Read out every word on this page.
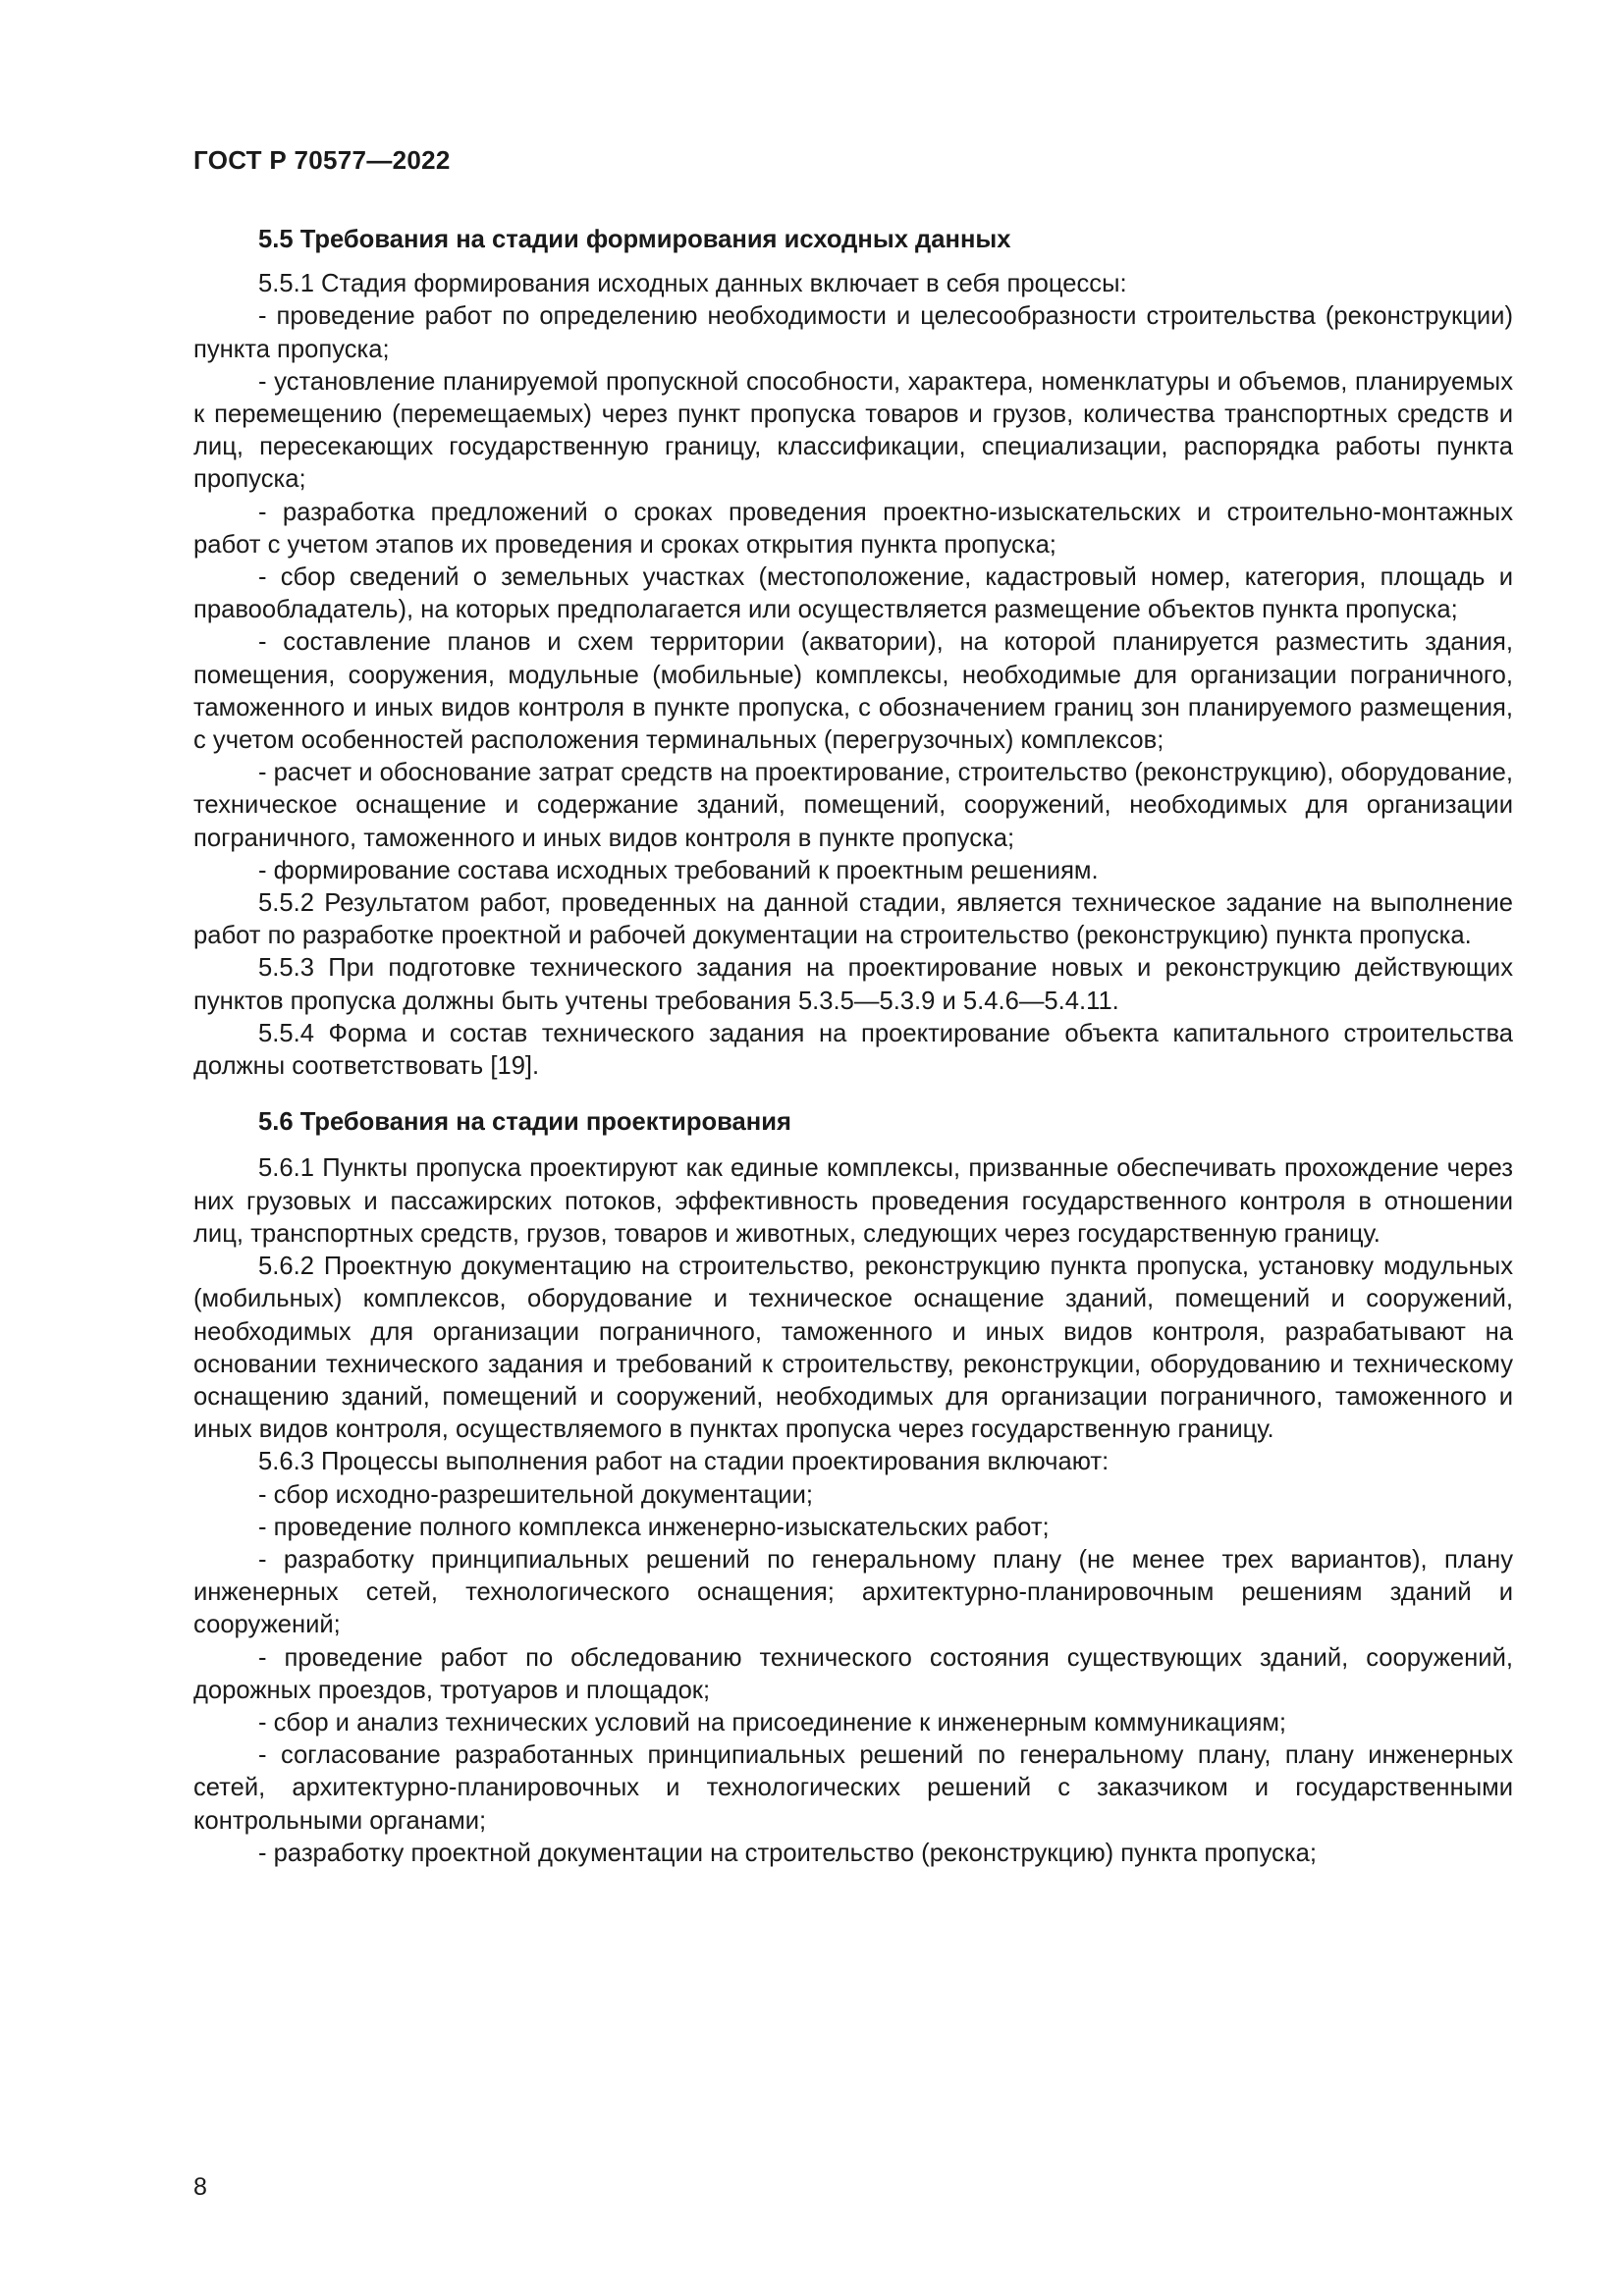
ГОСТ Р 70577—2022

5.5 Требования на стадии формирования исходных данных

5.5.1 Стадия формирования исходных данных включает в себя процессы:

- проведение работ по определению необходимости и целесообразности строительства (реконструкции) пункта пропуска;

- установление планируемой пропускной способности, характера, номенклатуры и объемов, планируемых к перемещению (перемещаемых) через пункт пропуска товаров и грузов, количества транспортных средств и лиц, пересекающих государственную границу, классификации, специализации, распорядка работы пункта пропуска;

- разработка предложений о сроках проведения проектно-изыскательских и строительно-монтажных работ с учетом этапов их проведения и сроках открытия пункта пропуска;

- сбор сведений о земельных участках (местоположение, кадастровый номер, категория, площадь и правообладатель), на которых предполагается или осуществляется размещение объектов пункта пропуска;

- составление планов и схем территории (акватории), на которой планируется разместить здания, помещения, сооружения, модульные (мобильные) комплексы, необходимые для организации пограничного, таможенного и иных видов контроля в пункте пропуска, с обозначением границ зон планируемого размещения, с учетом особенностей расположения терминальных (перегрузочных) комплексов;

- расчет и обоснование затрат средств на проектирование, строительство (реконструкцию), оборудование, техническое оснащение и содержание зданий, помещений, сооружений, необходимых для организации пограничного, таможенного и иных видов контроля в пункте пропуска;

- формирование состава исходных требований к проектным решениям.

5.5.2 Результатом работ, проведенных на данной стадии, является техническое задание на выполнение работ по разработке проектной и рабочей документации на строительство (реконструкцию) пункта пропуска.

5.5.3 При подготовке технического задания на проектирование новых и реконструкцию действующих пунктов пропуска должны быть учтены требования 5.3.5—5.3.9 и 5.4.6—5.4.11.

5.5.4 Форма и состав технического задания на проектирование объекта капитального строительства должны соответствовать [19].

5.6 Требования на стадии проектирования

5.6.1 Пункты пропуска проектируют как единые комплексы, призванные обеспечивать прохождение через них грузовых и пассажирских потоков, эффективность проведения государственного контроля в отношении лиц, транспортных средств, грузов, товаров и животных, следующих через государственную границу.

5.6.2 Проектную документацию на строительство, реконструкцию пункта пропуска, установку модульных (мобильных) комплексов, оборудование и техническое оснащение зданий, помещений и сооружений, необходимых для организации пограничного, таможенного и иных видов контроля, разрабатывают на основании технического задания и требований к строительству, реконструкции, оборудованию и техническому оснащению зданий, помещений и сооружений, необходимых для организации пограничного, таможенного и иных видов контроля, осуществляемого в пунктах пропуска через государственную границу.

5.6.3 Процессы выполнения работ на стадии проектирования включают:

- сбор исходно-разрешительной документации;

- проведение полного комплекса инженерно-изыскательских работ;

- разработку принципиальных решений по генеральному плану (не менее трех вариантов), плану инженерных сетей, технологического оснащения; архитектурно-планировочным решениям зданий и сооружений;

- проведение работ по обследованию технического состояния существующих зданий, сооружений, дорожных проездов, тротуаров и площадок;

- сбор и анализ технических условий на присоединение к инженерным коммуникациям;

- согласование разработанных принципиальных решений по генеральному плану, плану инженерных сетей, архитектурно-планировочных и технологических решений с заказчиком и государственными контрольными органами;

- разработку проектной документации на строительство (реконструкцию) пункта пропуска;

8
